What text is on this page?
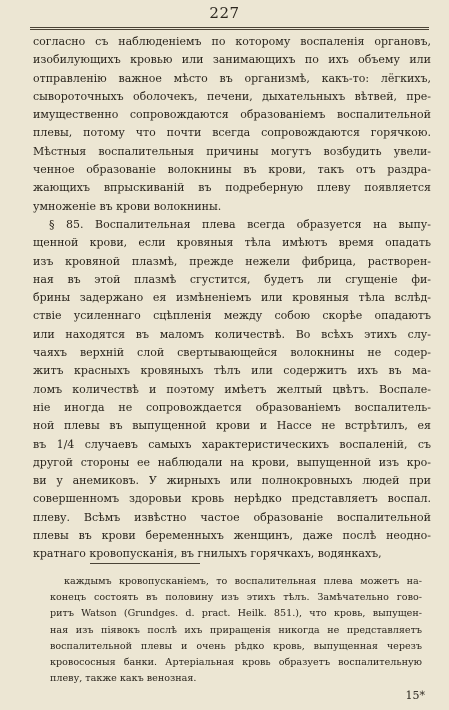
227
согласно съ наблюденіемъ по которому воспаленія органовъ,
изобилующихъ кровью или занимающихъ по ихъ объему или
отправленію важное мѣсто въ организмѣ, какъ-то: лёгкихъ,
сывороточныхъ оболочекъ, печени, дыхательныхъ вѣтвей, пре-
имущественно сопровождаются образованіемъ воспалительной
плевы, потому что почти всегда сопровождаются горячкою.
Мѣстныя воспалительныя причины могутъ возбудить увели-
ченное образованіе волокнины въ крови, такъ отъ раздра-
жающихъ впрыскиваній въ подреберную плеву появляется
умноженіе въ крови волокнины.
§ 85. Воспалительная плева всегда образуется на выпу-
щенной крови, если кровяныя тѣла имѣютъ время опадать
изъ кровяной плазмѣ, прежде нежели фибрица, растворен-
ная въ этой плазмѣ сгустится, будетъ ли сгущеніе фи-
брины задержано ея измѣненіемъ или кровяныя тѣла вслѣд-
ствіе усиленнаго сцѣпленія между собою скорѣе опадаютъ
или находятся въ маломъ количествѣ. Во всѣхъ этихъ слу-
чаяхъ верхній слой свертывающейся волокнины не содер-
житъ красныхъ кровяныхъ тѣлъ или содержитъ ихъ въ ма-
ломъ количествѣ и поэтому имѣетъ желтый цвѣтъ. Воспале-
ніе иногда не сопровождается образованіемъ воспалитель-
ной плевы въ выпущенной крови и Нассе не встрѣтилъ, ея
въ 1/4 случаевъ самыхъ характеристическихъ воспаленій, съ
другой стороны ее наблюдали на крови, выпущенной изъ кро-
ви у анемиковъ. У жирныхъ или полнокровныхъ людей при
совершенномъ здоровьи кровь нерѣдко представляетъ воспал.
плеву. Всѣмъ извѣстно частое образованіе воспалительной
плевы въ крови беременныхъ женщинъ, даже послѣ неодно-
кратнаго кровопусканія, въ гнилыхъ горячкахъ, водянкахъ,
каждымъ кровопусканіемъ, то воспалительная плева можетъ на-
конецъ состоять въ половину изъ этихъ тѣлъ. Замѣчательно гово-
ритъ Watson (Grundges. d. pract. Heilk. 851.), что кровь, выпущен-
ная изъ піявокъ послѣ ихъ приращенія никогда не представляетъ
воспалительной плевы и очень рѣдко кровь, выпущенная черезъ
кровососныя банки. Артеріальная кровь образуетъ воспалительную
плеву, также какъ венозная.
15*
